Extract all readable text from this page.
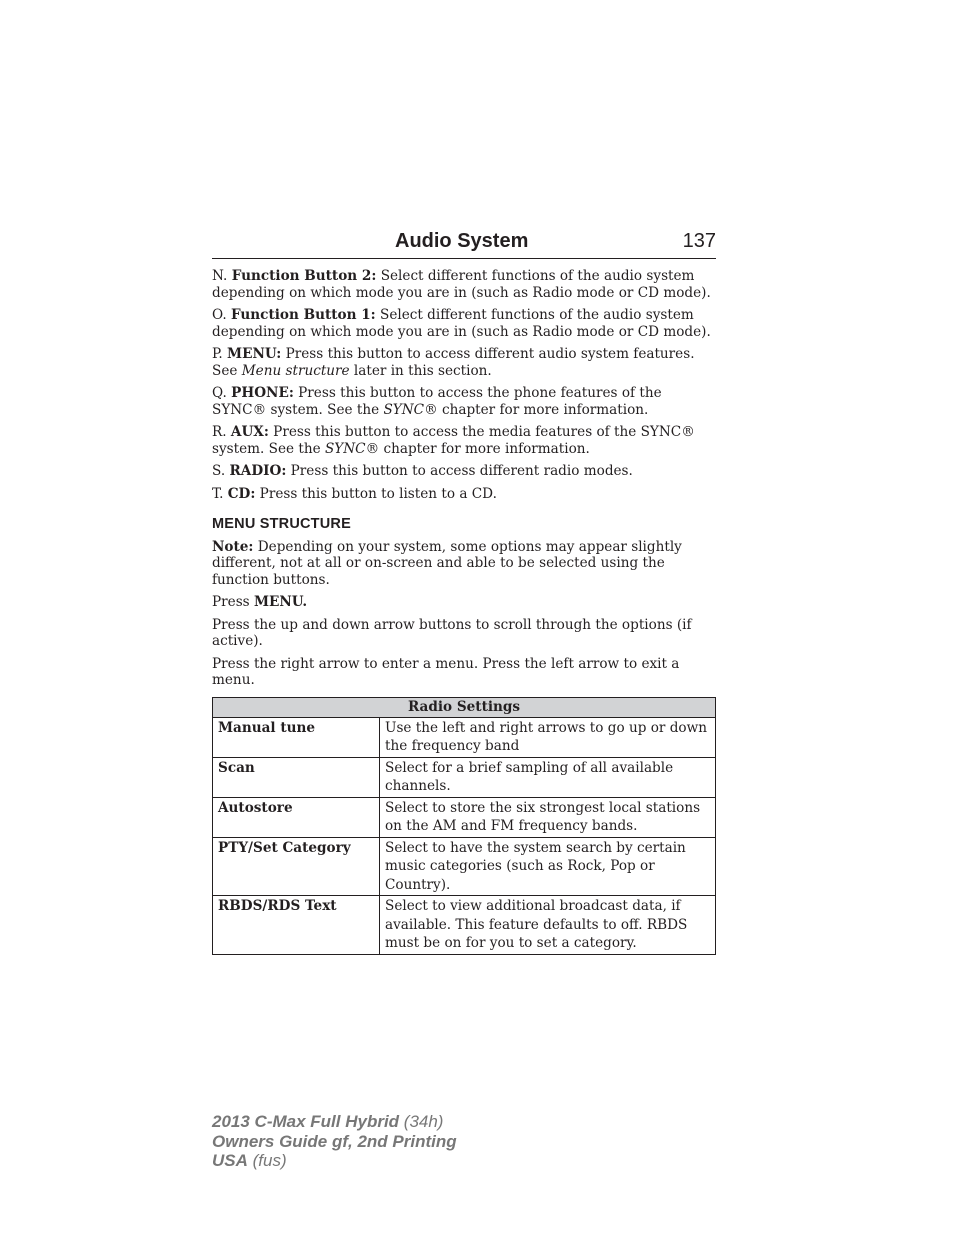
Audio System	137

N. Function Button 2: Select different functions of the audio system depending on which mode you are in (such as Radio mode or CD mode).

O. Function Button 1: Select different functions of the audio system depending on which mode you are in (such as Radio mode or CD mode).

P. MENU: Press this button to access different audio system features. See Menu structure later in this section.

Q. PHONE: Press this button to access the phone features of the SYNC® system. See the SYNC® chapter for more information.

R. AUX: Press this button to access the media features of the SYNC® system. See the SYNC® chapter for more information.

S. RADIO: Press this button to access different radio modes.

T. CD: Press this button to listen to a CD.

MENU STRUCTURE

Note: Depending on your system, some options may appear slightly different, not at all or on-screen and able to be selected using the function buttons.

Press MENU.

Press the up and down arrow buttons to scroll through the options (if active).

Press the right arrow to enter a menu. Press the left arrow to exit a menu.

Radio Settings	
Manual tune	Use the left and right arrows to go up or down the frequency band
Scan	Select for a brief sampling of all available channels.
Autostore	Select to store the six strongest local stations on the AM and FM frequency bands.
PTY/Set Category	Select to have the system search by certain music categories (such as Rock, Pop or Country).
RBDS/RDS Text	Select to view additional broadcast data, if available. This feature defaults to off. RBDS must be on for you to set a category.
2013 C-Max Full Hybrid (34h)
Owners Guide gf, 2nd Printing
USA (fus)
